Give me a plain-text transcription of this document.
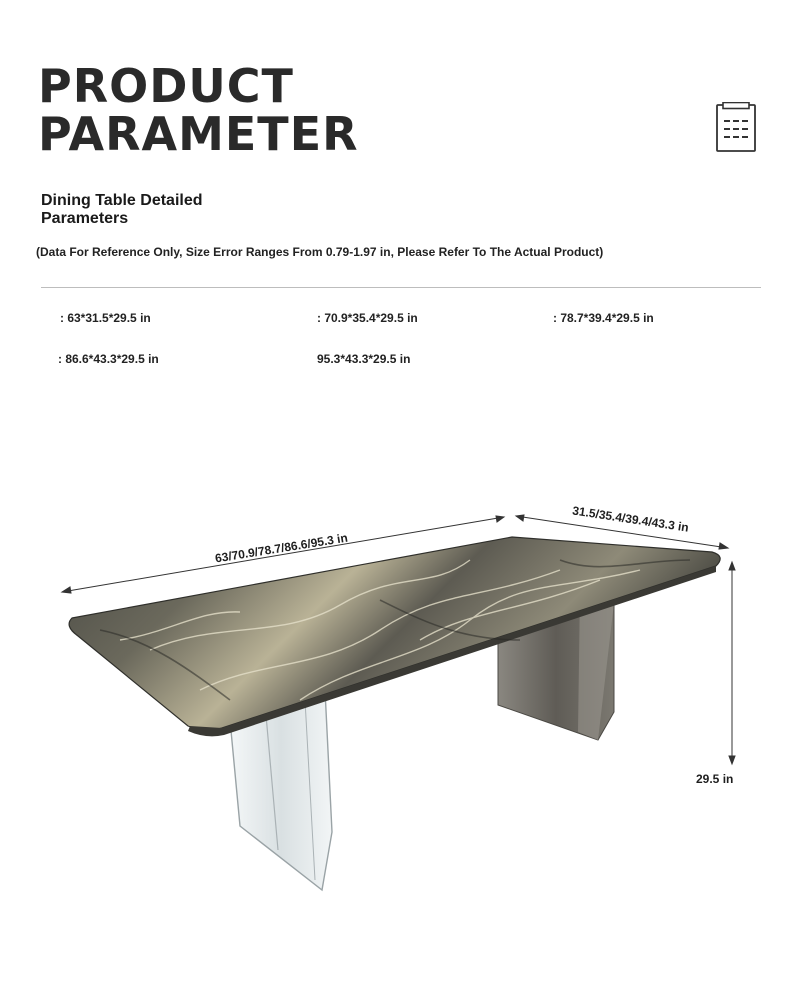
PRODUCT
PARAMETER
Dining Table Detailed Parameters
(Data For Reference Only, Size Error Ranges From 0.79-1.97 in, Please Refer To The Actual Product)
: 63*31.5*29.5 in	: 70.9*35.4*29.5 in	: 78.7*39.4*29.5 in
: 86.6*43.3*29.5 in	95.3*43.3*29.5 in
63/70.9/78.7/86.6/95.3 in
31.5/35.4/39.4/43.3 in
29.5 in
